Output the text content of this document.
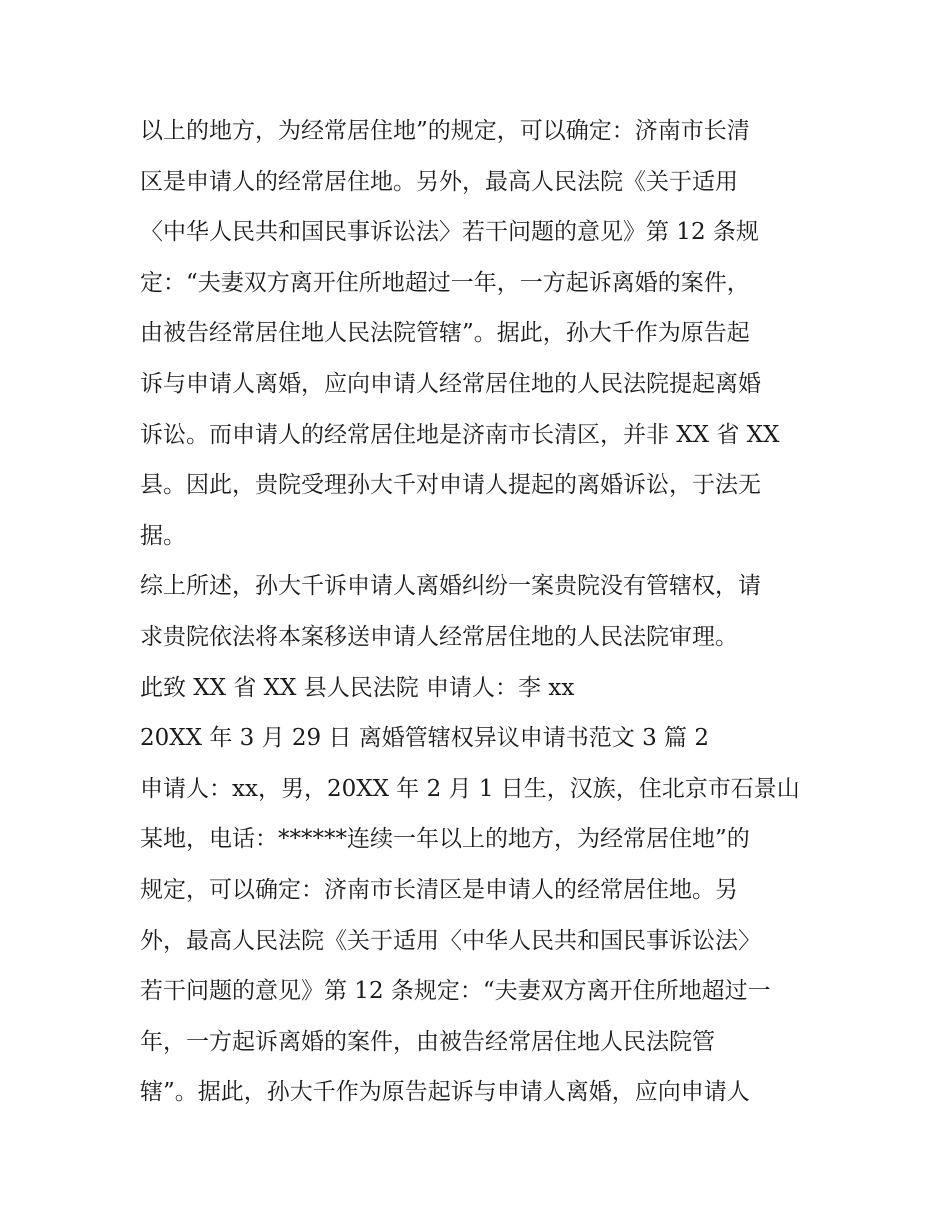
以上的地方，为经常居住地”的规定，可以确定：济南市长清
区是申请人的经常居住地。另外，最高人民法院《关于适用
〈中华人民共和国民事诉讼法〉若干问题的意见》第 12 条规
定：“夫妻双方离开住所地超过一年，一方起诉离婚的案件，
由被告经常居住地人民法院管辖”。据此，孙大千作为原告起
诉与申请人离婚，应向申请人经常居住地的人民法院提起离婚
诉讼。而申请人的经常居住地是济南市长清区，并非 XX 省 XX
县。因此，贵院受理孙大千对申请人提起的离婚诉讼，于法无
据。
综上所述，孙大千诉申请人离婚纠纷一案贵院没有管辖权，请
求贵院依法将本案移送申请人经常居住地的人民法院审理。
此致 XX 省 XX 县人民法院 申请人：李 xx
20XX 年 3 月 29 日 离婚管辖权异议申请书范文 3 篇 2
申请人：xx，男，20XX 年 2 月 1 日生，汉族，住北京市石景山
某地，电话：******连续一年以上的地方，为经常居住地”的
规定，可以确定：济南市长清区是申请人的经常居住地。另
外，最高人民法院《关于适用〈中华人民共和国民事诉讼法〉
若干问题的意见》第 12 条规定：“夫妻双方离开住所地超过一
年，一方起诉离婚的案件，由被告经常居住地人民法院管
辖”。据此，孙大千作为原告起诉与申请人离婚，应向申请人
